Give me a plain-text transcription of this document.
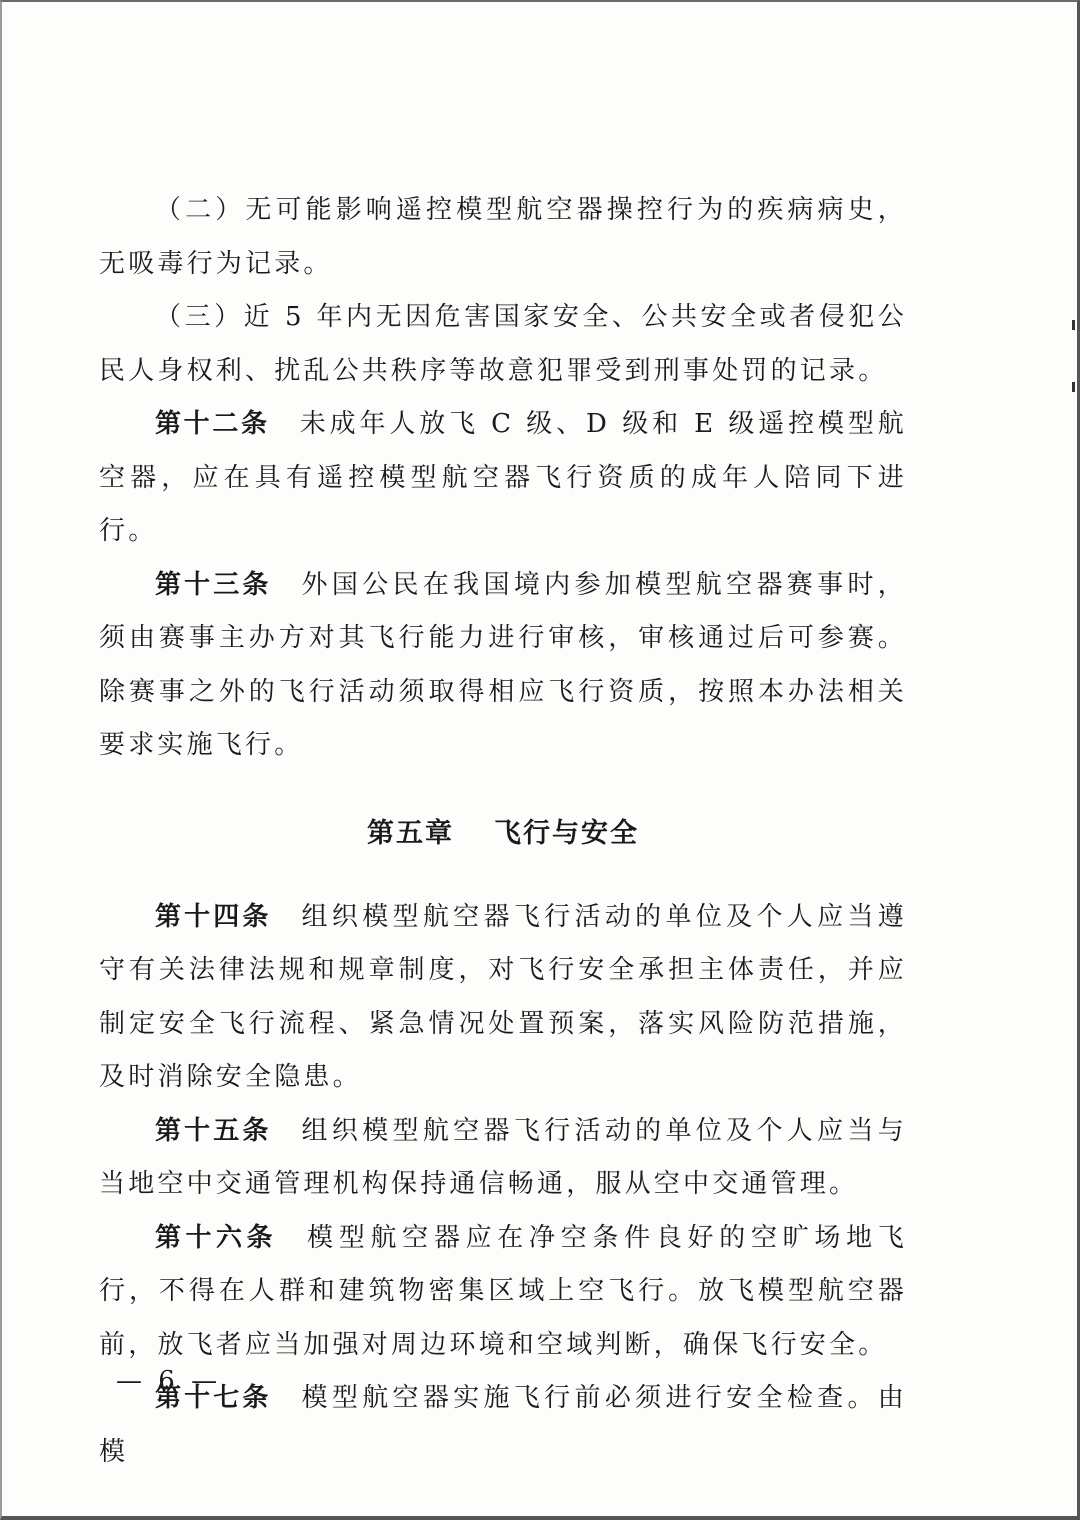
（二）无可能影响遥控模型航空器操控行为的疾病病史，无吸毒行为记录。

（三）近 5 年内无因危害国家安全、公共安全或者侵犯公民人身权利、扰乱公共秩序等故意犯罪受到刑事处罚的记录。

第十二条 未成年人放飞 C 级、D 级和 E 级遥控模型航空器，应在具有遥控模型航空器飞行资质的成年人陪同下进行。

第十三条 外国公民在我国境内参加模型航空器赛事时，须由赛事主办方对其飞行能力进行审核，审核通过后可参赛。除赛事之外的飞行活动须取得相应飞行资质，按照本办法相关要求实施飞行。

第五章 飞行与安全

第十四条 组织模型航空器飞行活动的单位及个人应当遵守有关法律法规和规章制度，对飞行安全承担主体责任，并应制定安全飞行流程、紧急情况处置预案，落实风险防范措施，及时消除安全隐患。

第十五条 组织模型航空器飞行活动的单位及个人应当与当地空中交通管理机构保持通信畅通，服从空中交通管理。

第十六条 模型航空器应在净空条件良好的空旷场地飞行，不得在人群和建筑物密集区域上空飞行。放飞模型航空器前，放飞者应当加强对周边环境和空域判断，确保飞行安全。

第十七条 模型航空器实施飞行前必须进行安全检查。由模

— 6 —
